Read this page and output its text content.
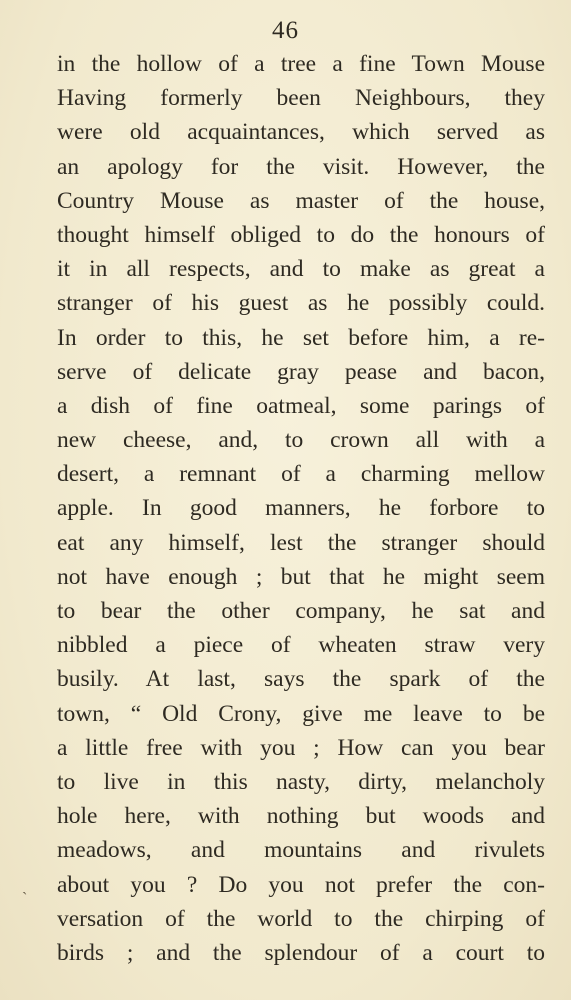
46
ˏ
in the hollow of a tree a fine Town Mouse
Having formerly been Neighbours, they
were old acquaintances, which served as
an apology for the visit. However, the
Country Mouse as master of the house,
thought himself obliged to do the honours of
it in all respects, and to make as great a
stranger of his guest as he possibly could.
In order to this, he set before him, a re-
serve of delicate gray pease and bacon,
a dish of fine oatmeal, some parings of
new cheese, and, to crown all with a
desert, a remnant of a charming mellow
apple. In good manners, he forbore to
eat any himself, lest the stranger should
not have enough ; but that he might seem
to bear the other company, he sat and
nibbled a piece of wheaten straw very
busily. At last, says the spark of the
town, “ Old Crony, give me leave to be
a little free with you ; How can you bear
to live in this nasty, dirty, melancholy
hole here, with nothing but woods and
meadows, and mountains and rivulets
about you ? Do you not prefer the con-
versation of the world to the chirping of
birds ; and the splendour of a court to
